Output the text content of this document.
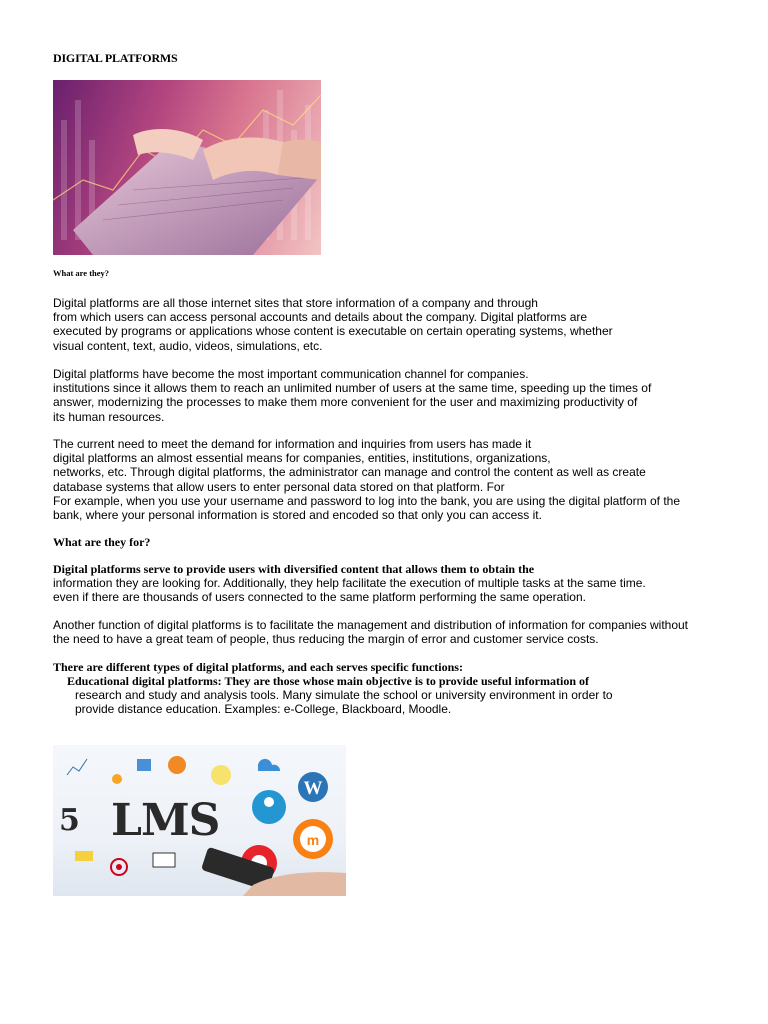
DIGITAL PLATFORMS
What are they?
Digital platforms are all those internet sites that store information of a company and through
from which users can access personal accounts and details about the company. Digital platforms are
executed by programs or applications whose content is executable on certain operating systems, whether
visual content, text, audio, videos, simulations, etc.
Digital platforms have become the most important communication channel for companies.
institutions since it allows them to reach an unlimited number of users at the same time, speeding up the times of
answer, modernizing the processes to make them more convenient for the user and maximizing productivity of
its human resources.
The current need to meet the demand for information and inquiries from users has made it
digital platforms an almost essential means for companies, entities, institutions, organizations,
networks, etc. Through digital platforms, the administrator can manage and control the content as well as create
database systems that allow users to enter personal data stored on that platform. For
For example, when you use your username and password to log into the bank, you are using the digital platform of the
bank, where your personal information is stored and encoded so that only you can access it.
What are they for?
Digital platforms serve to provide users with diversified content that allows them to obtain the
information they are looking for. Additionally, they help facilitate the execution of multiple tasks at the same time.
even if there are thousands of users connected to the same platform performing the same operation.
Another function of digital platforms is to facilitate the management and distribution of information for companies without
the need to have a great team of people, thus reducing the margin of error and customer service costs.
There are different types of digital platforms, and each serves specific functions:
Educational digital platforms: They are those whose main objective is to provide useful information of
research and study and analysis tools. Many simulate the school or university environment in order to
provide distance education. Examples: e-College, Blackboard, Moodle.
W
m
5 LMS
